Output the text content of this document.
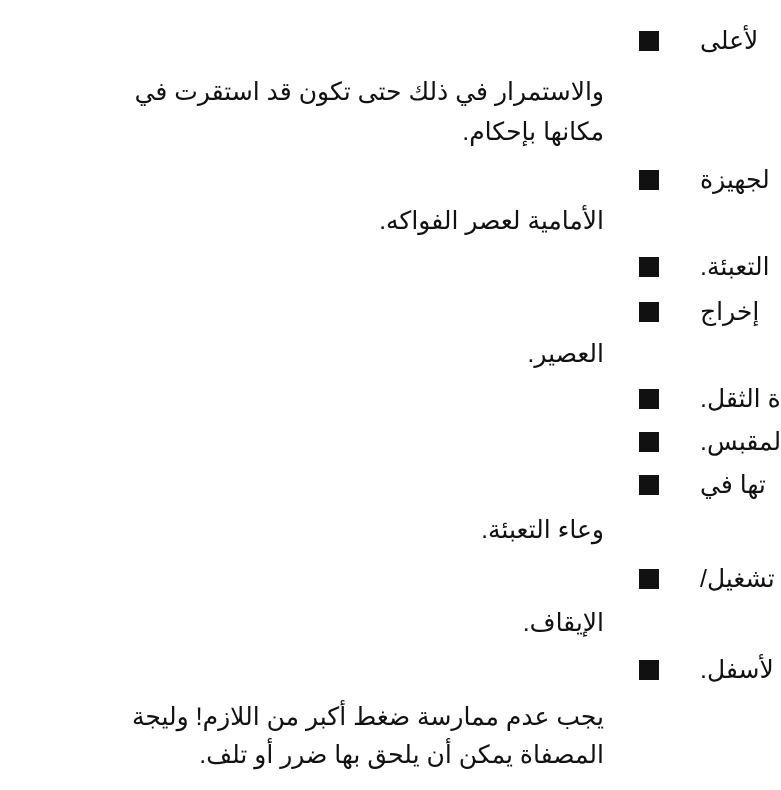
لأعلى
والاستمرار في ذلك حتى تكون قد استقرت في
مكانها بإحكام.
لجهيزة
الأمامية لعصر الفواكه.
التعبئة.
إخراج
العصير.
ة الثقل.
لمقبس.
تها في
وعاء التعبئة.
تشغيل/
الإيقاف.
لأسفل.
يجب عدم ممارسة ضغط أكبر من اللازم! وليجة
المصفاة يمكن أن يلحق بها ضرر أو تلف.
